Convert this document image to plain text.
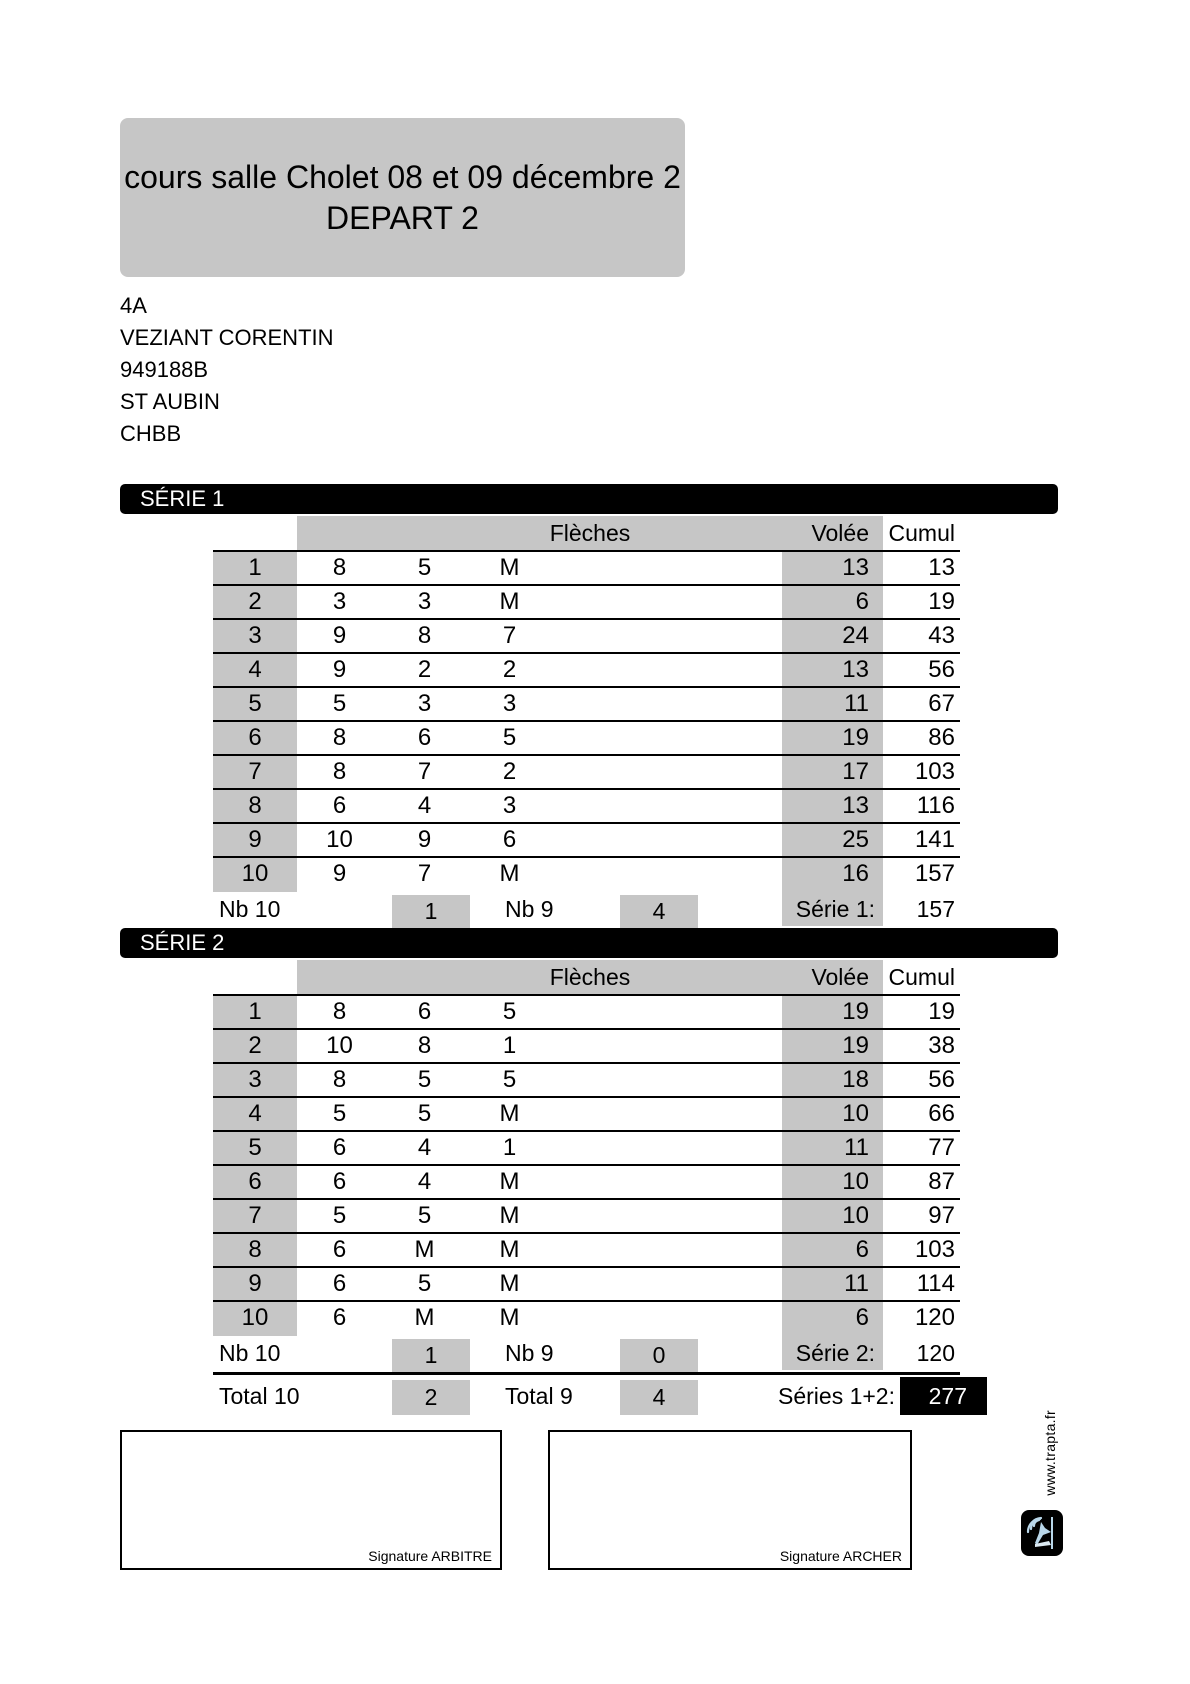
cours salle Cholet 08 et 09 décembre 2
DEPART 2
4A
VEZIANT CORENTIN
949188B
ST AUBIN
CHBB
SÉRIE 1
Flèches	Volée Cumul
1	8	5	M	13	13
2	3	3	M	6	19
3	9	8	7	24	43
4	9	2	2	13	56
5	5	3	3	11	67
6	8	6	5	19	86
7	8	7	2	17	103
8	6	4	3	13	116
9	10	9	6	25	141
10	9	7	M	16	157
Nb 10	1	Nb 9	4	Série 1:	157
SÉRIE 2
Flèches	Volée Cumul
1	8	6	5	19	19
2	10	8	1	19	38
3	8	5	5	18	56
4	5	5	M	10	66
5	6	4	1	11	77
6	6	4	M	10	87
7	5	5	M	10	97
8	6	M	M	6	103
9	6	5	M	11	114
10	6	M	M	6	120
Nb 10	1	Nb 9	0	Série 2:	120
Total 10	2	Total 9	4	Séries 1+2:	277
Signature ARBITRE	Signature ARCHER
www.trapta.fr
